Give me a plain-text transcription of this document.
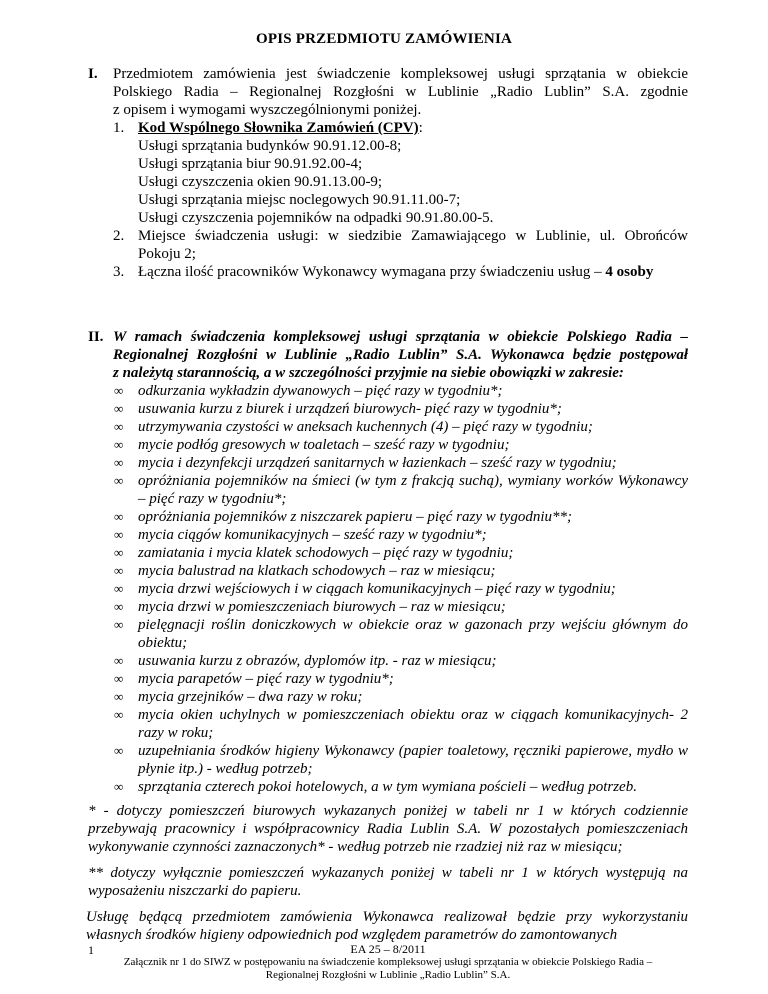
OPIS PRZEDMIOTU ZAMÓWIENIA
I. Przedmiotem zamówienia jest świadczenie kompleksowej usługi sprzątania w obiekcie
Polskiego Radia – Regionalnej Rozgłośni w Lublinie „Radio Lublin” S.A. zgodnie
z opisem i wymogami wyszczególnionymi poniżej.
1. Kod Wspólnego Słownika Zamówień (CPV):
Usługi sprzątania budynków 90.91.12.00-8;
Usługi sprzątania biur 90.91.92.00-4;
Usługi czyszczenia okien 90.91.13.00-9;
Usługi sprzątania miejsc noclegowych 90.91.11.00-7;
Usługi czyszczenia pojemników na odpadki 90.91.80.00-5.
2. Miejsce świadczenia usługi: w siedzibie Zamawiającego w Lublinie, ul. Obrońców
Pokoju 2;
3. Łączna ilość pracowników Wykonawcy wymagana przy świadczeniu usług – 4 osoby
II. W ramach świadczenia kompleksowej usługi sprzątania w obiekcie Polskiego Radia –
Regionalnej Rozgłośni w Lublinie „Radio Lublin” S.A. Wykonawca będzie postępował
z należytą starannością, a w szczególności przyjmie na siebie obowiązki w zakresie:
∞ odkurzania wykładzin dywanowych – pięć razy w tygodniu*;
∞ usuwania kurzu z biurek i urządzeń biurowych- pięć razy w tygodniu*;
∞ utrzymywania czystości w aneksach kuchennych (4) – pięć razy w tygodniu;
∞ mycie podłóg gresowych w toaletach – sześć razy w tygodniu;
∞ mycia i dezynfekcji urządzeń sanitarnych w łazienkach – sześć razy w tygodniu;
∞ opróżniania pojemników na śmieci (w tym z frakcją suchą), wymiany worków Wykonawcy – pięć razy w tygodniu*;
∞ opróżniania pojemników z niszczarek papieru – pięć razy w tygodniu**;
∞ mycia ciągów komunikacyjnych – sześć razy w tygodniu*;
∞ zamiatania i mycia klatek schodowych – pięć razy w tygodniu;
∞ mycia balustrad na klatkach schodowych – raz w miesiącu;
∞ mycia drzwi wejściowych i w ciągach komunikacyjnych – pięć razy w tygodniu;
∞ mycia drzwi w pomieszczeniach biurowych – raz w miesiącu;
∞ pielęgnacji roślin doniczkowych w obiekcie oraz w gazonach przy wejściu głównym do obiektu;
∞ usuwania kurzu z obrazów, dyplomów itp. - raz w miesiącu;
∞ mycia parapetów – pięć razy w tygodniu*;
∞ mycia grzejników – dwa razy w roku;
∞ mycia okien uchylnych w pomieszczeniach obiektu oraz w ciągach komunikacyjnych- 2 razy w roku;
∞ uzupełniania środków higieny Wykonawcy (papier toaletowy, ręczniki papierowe, mydło w płynie itp.) - według potrzeb;
∞ sprzątania czterech pokoi hotelowych, a w tym wymiana pościeli – według potrzeb.
* - dotyczy pomieszczeń biurowych wykazanych poniżej w tabeli nr 1 w których codziennie przebywają pracownicy i współpracownicy Radia Lublin S.A. W pozostałych pomieszczeniach wykonywanie czynności zaznaczonych* - według potrzeb nie rzadziej niż raz w miesiącu;
** dotyczy wyłącznie pomieszczeń wykazanych poniżej w tabeli nr 1 w których występują na wyposażeniu niszczarki do papieru.
Usługę będącą przedmiotem zamówienia Wykonawca realizował będzie przy wykorzystaniu własnych środków higieny odpowiednich pod względem parametrów do zamontowanych
1	EA 25 – 8/2011
Załącznik nr 1 do SIWZ w postępowaniu na świadczenie kompleksowej usługi sprzątania w obiekcie Polskiego Radia –
Regionalnej Rozgłośni w Lublinie „Radio Lublin” S.A.
